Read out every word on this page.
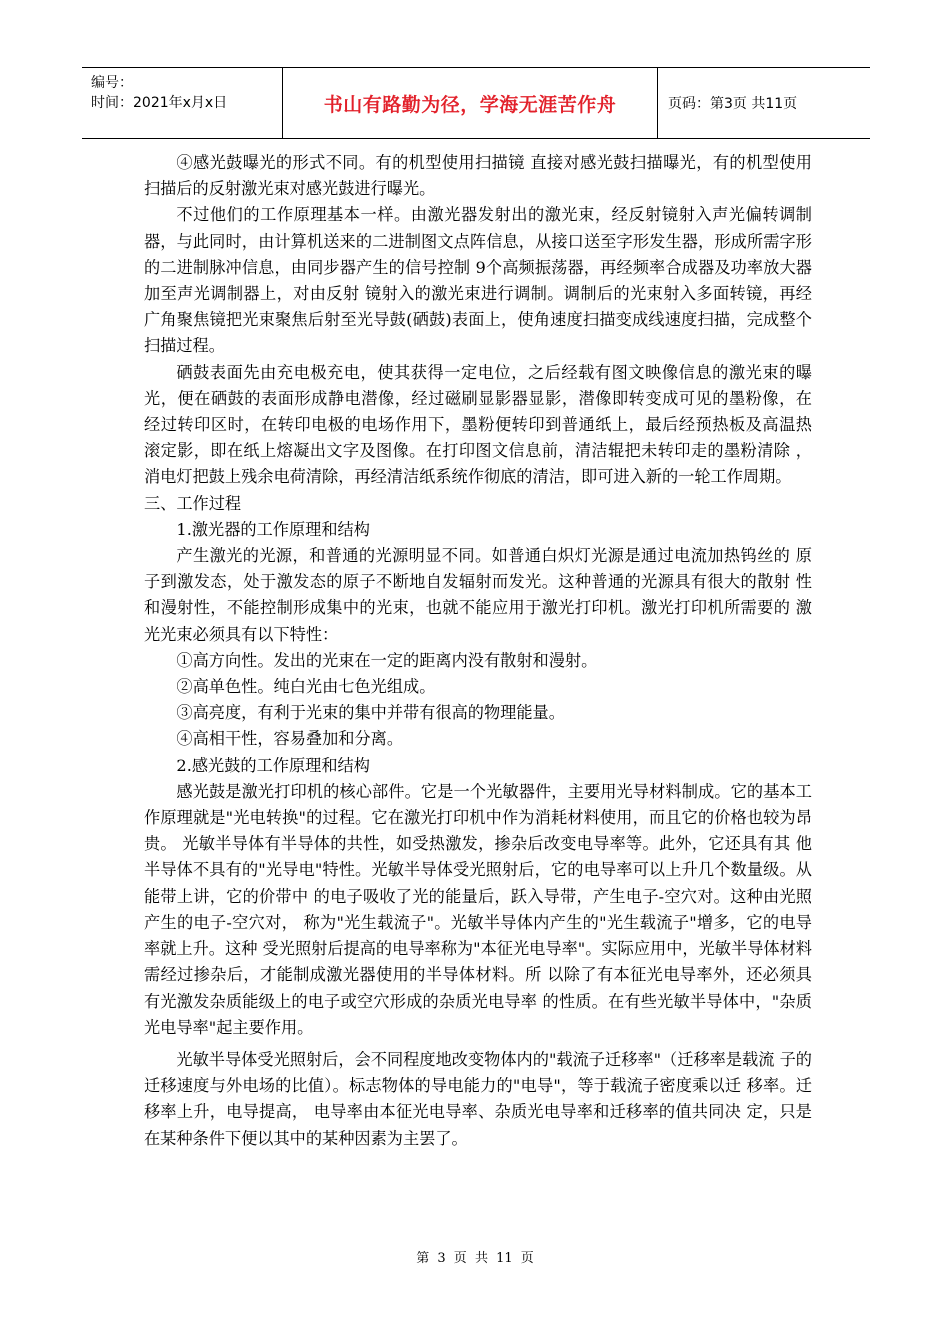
编号：
时间：2021年x月x日	书山有路勤为径，学海无涯苦作舟	页码：第3页 共11页

④感光鼓曝光的形式不同。有的机型使用扫描镜 直接对感光鼓扫描曝光，有的机型使用扫描后的反射激光束对感光鼓进行曝光。

不过他们的工作原理基本一样。由激光器发射出的激光束，经反射镜射入声光偏转调制器，与此同时，由计算机送来的二进制图文点阵信息，从接口送至字形发生器，形成所需字形的二进制脉冲信息，由同步器产生的信号控制 9个高频振荡器，再经频率合成器及功率放大器加至声光调制器上，对由反射 镜射入的激光束进行调制。调制后的光束射入多面转镜，再经广角聚焦镜把光束聚焦后射至光导鼓(硒鼓)表面上，使角速度扫描变成线速度扫描，完成整个扫描过程。

硒鼓表面先由充电极充电，使其获得一定电位，之后经载有图文映像信息的激光束的曝光，便在硒鼓的表面形成静电潜像，经过磁刷显影器显影，潜像即转变成可见的墨粉像，在 经过转印区时，在转印电极的电场作用下，墨粉便转印到普通纸上，最后经预热板及高温热 滚定影，即在纸上熔凝出文字及图像。在打印图文信息前，清洁辊把未转印走的墨粉清除 ，消电灯把鼓上残余电荷清除，再经清洁纸系统作彻底的清洁，即可进入新的一轮工作周期。

三、工作过程

1.激光器的工作原理和结构

产生激光的光源，和普通的光源明显不同。如普通白炽灯光源是通过电流加热钨丝的 原子到激发态，处于激发态的原子不断地自发辐射而发光。这种普通的光源具有很大的散射 性和漫射性，不能控制形成集中的光束，也就不能应用于激光打印机。激光打印机所需要的 激光光束必须具有以下特性：

①高方向性。发出的光束在一定的距离内没有散射和漫射。

②高单色性。纯白光由七色光组成。

③高亮度，有利于光束的集中并带有很高的物理能量。

④高相干性，容易叠加和分离。

2.感光鼓的工作原理和结构

感光鼓是激光打印机的核心部件。它是一个光敏器件，主要用光导材料制成。它的基本工作原理就是"光电转换"的过程。它在激光打印机中作为消耗材料使用，而且它的价格也较为昂贵。 光敏半导体有半导体的共性，如受热激发，掺杂后改变电导率等。此外，它还具有其 他半导体不具有的"光导电"特性。光敏半导体受光照射后，它的电导率可以上升几个数量级。从能带上讲，它的价带中 的电子吸收了光的能量后，跃入导带，产生电子-空穴对。这种由光照产生的电子-空穴对， 称为"光生载流子"。光敏半导体内产生的"光生载流子"增多，它的电导率就上升。这种 受光照射后提高的电导率称为"本征光电导率"。实际应用中，光敏半导体材料需经过掺杂后，才能制成激光器使用的半导体材料。所 以除了有本征光电导率外，还必须具有光激发杂质能级上的电子或空穴形成的杂质光电导率 的性质。在有些光敏半导体中，"杂质光电导率"起主要作用。

光敏半导体受光照射后，会不同程度地改变物体内的"载流子迁移率"（迁移率是载流 子的迁移速度与外电场的比值）。标志物体的导电能力的"电导"，等于载流子密度乘以迁 移率。迁移率上升，电导提高， 电导率由本征光电导率、杂质光电导率和迁移率的值共同决 定，只是在某种条件下便以其中的某种因素为主罢了。

第 3 页 共 11 页
